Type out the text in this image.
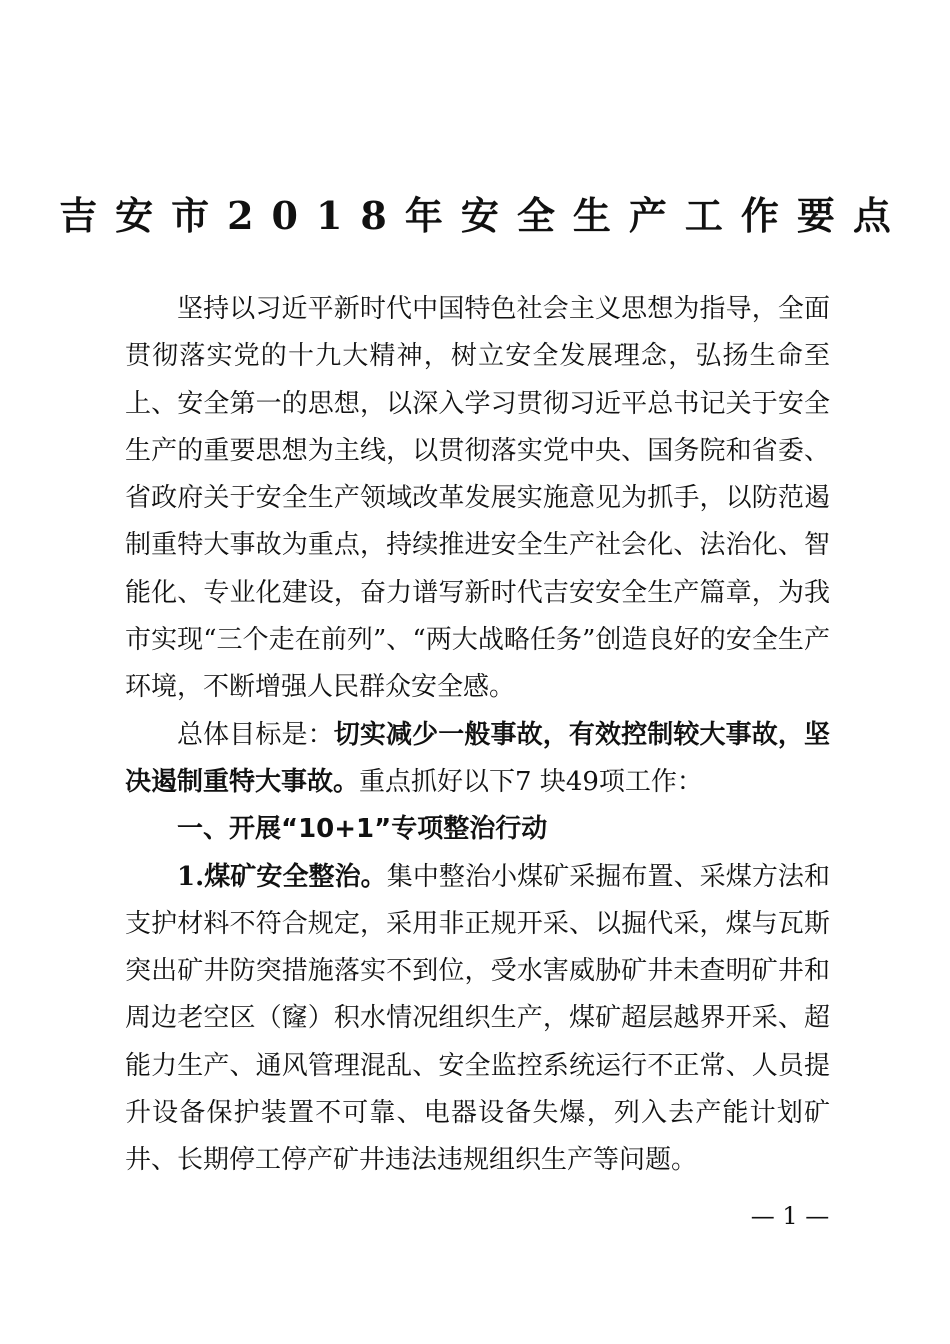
吉安市2018年安全生产工作要点

坚持以习近平新时代中国特色社会主义思想为指导，全面贯彻落实党的十九大精神，树立安全发展理念，弘扬生命至上、安全第一的思想，以深入学习贯彻习近平总书记关于安全生产的重要思想为主线，以贯彻落实党中央、国务院和省委、省政府关于安全生产领域改革发展实施意见为抓手，以防范遏制重特大事故为重点，持续推进安全生产社会化、法治化、智能化、专业化建设，奋力谱写新时代吉安安全生产篇章，为我市实现“三个走在前列”、“两大战略任务”创造良好的安全生产环境，不断增强人民群众安全感。

总体目标是：切实减少一般事故，有效控制较大事故，坚决遏制重特大事故。重点抓好以下7 块49项工作：

一、开展“10+1”专项整治行动

1.煤矿安全整治。集中整治小煤矿采掘布置、采煤方法和支护材料不符合规定，采用非正规开采、以掘代采，煤与瓦斯突出矿井防突措施落实不到位，受水害威胁矿井未查明矿井和周边老空区（窿）积水情况组织生产，煤矿超层越界开采、超能力生产、通风管理混乱、安全监控系统运行不正常、人员提升设备保护装置不可靠、电器设备失爆，列入去产能计划矿井、长期停工停产矿井违法违规组织生产等问题。

— 1 —
